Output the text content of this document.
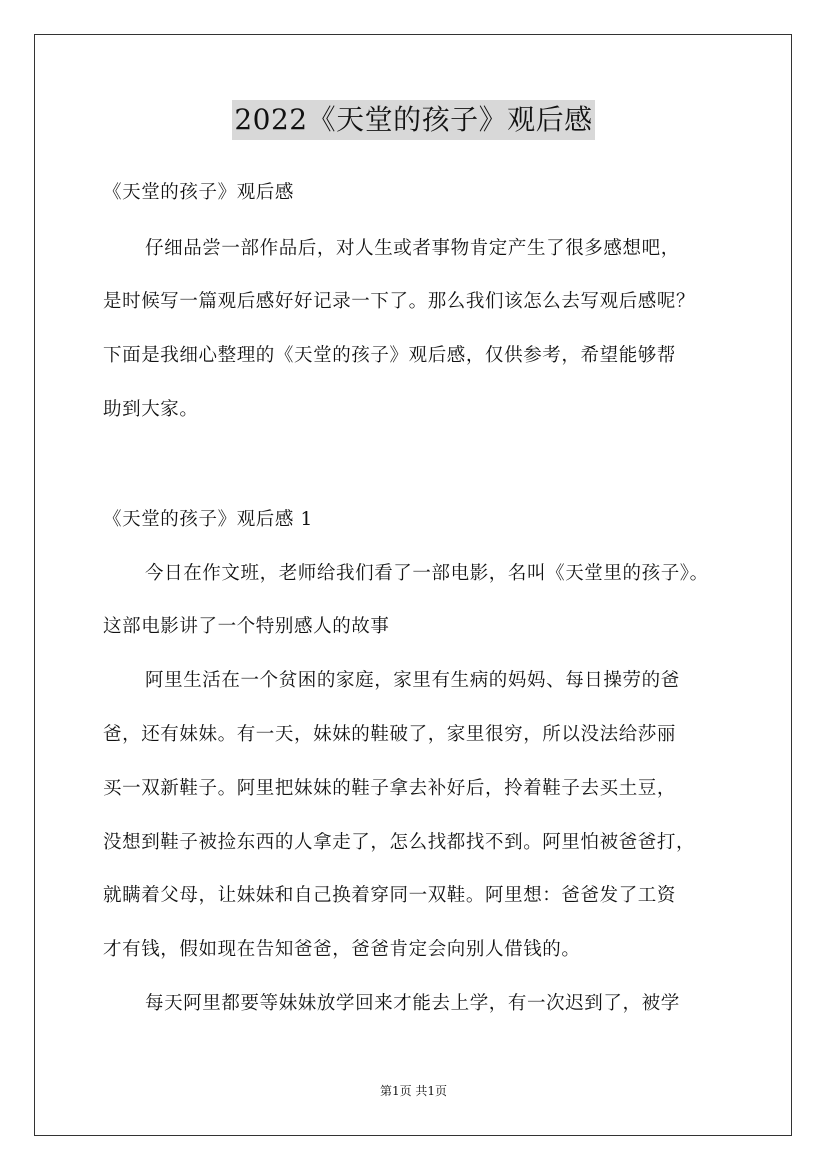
2022《天堂的孩子》观后感
《天堂的孩子》观后感
仔细品尝一部作品后，对人生或者事物肯定产生了很多感想吧，
是时候写一篇观后感好好记录一下了。那么我们该怎么去写观后感呢？
下面是我细心整理的《天堂的孩子》观后感，仅供参考，希望能够帮
助到大家。
《天堂的孩子》观后感 1
今日在作文班，老师给我们看了一部电影，名叫《天堂里的孩子》。
这部电影讲了一个特别感人的故事
阿里生活在一个贫困的家庭，家里有生病的妈妈、每日操劳的爸
爸，还有妹妹。有一天，妹妹的鞋破了，家里很穷，所以没法给莎丽
买一双新鞋子。阿里把妹妹的鞋子拿去补好后，拎着鞋子去买土豆，
没想到鞋子被捡东西的人拿走了，怎么找都找不到。阿里怕被爸爸打，
就瞒着父母，让妹妹和自己换着穿同一双鞋。阿里想：爸爸发了工资
才有钱，假如现在告知爸爸，爸爸肯定会向别人借钱的。
每天阿里都要等妹妹放学回来才能去上学，有一次迟到了，被学
第1页 共1页
